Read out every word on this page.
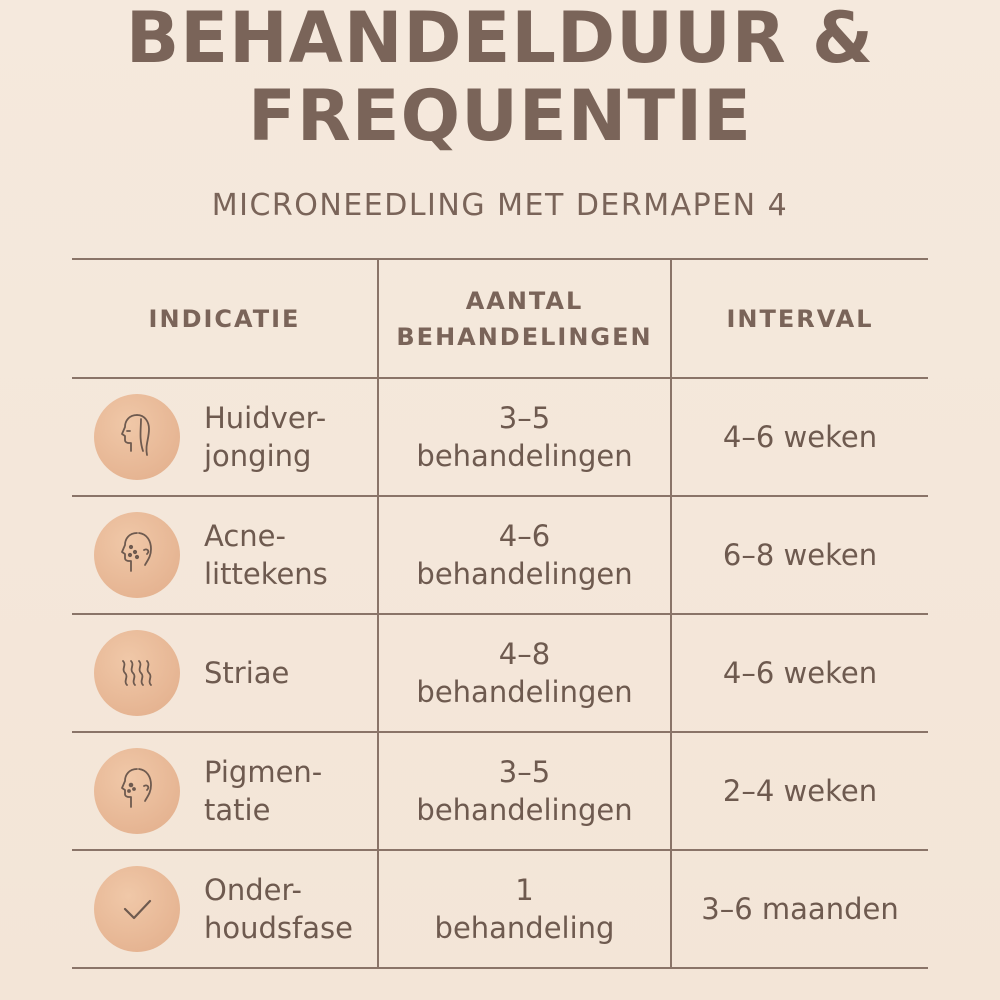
BEHANDELDUUR &
FREQUENTIE
MICRONEEDLING MET DERMAPEN 4
INDICATIE
AANTAL
BEHANDELINGEN
INTERVAL
Huidver-
jonging
3–5
behandelingen
4–6 weken
Acne-
littekens
4–6
behandelingen
6–8 weken
Striae
4–8
behandelingen
4–6 weken
Pigmen-
tatie
3–5
behandelingen
2–4 weken
Onder-
houdsfase
1
behandeling
3–6 maanden
